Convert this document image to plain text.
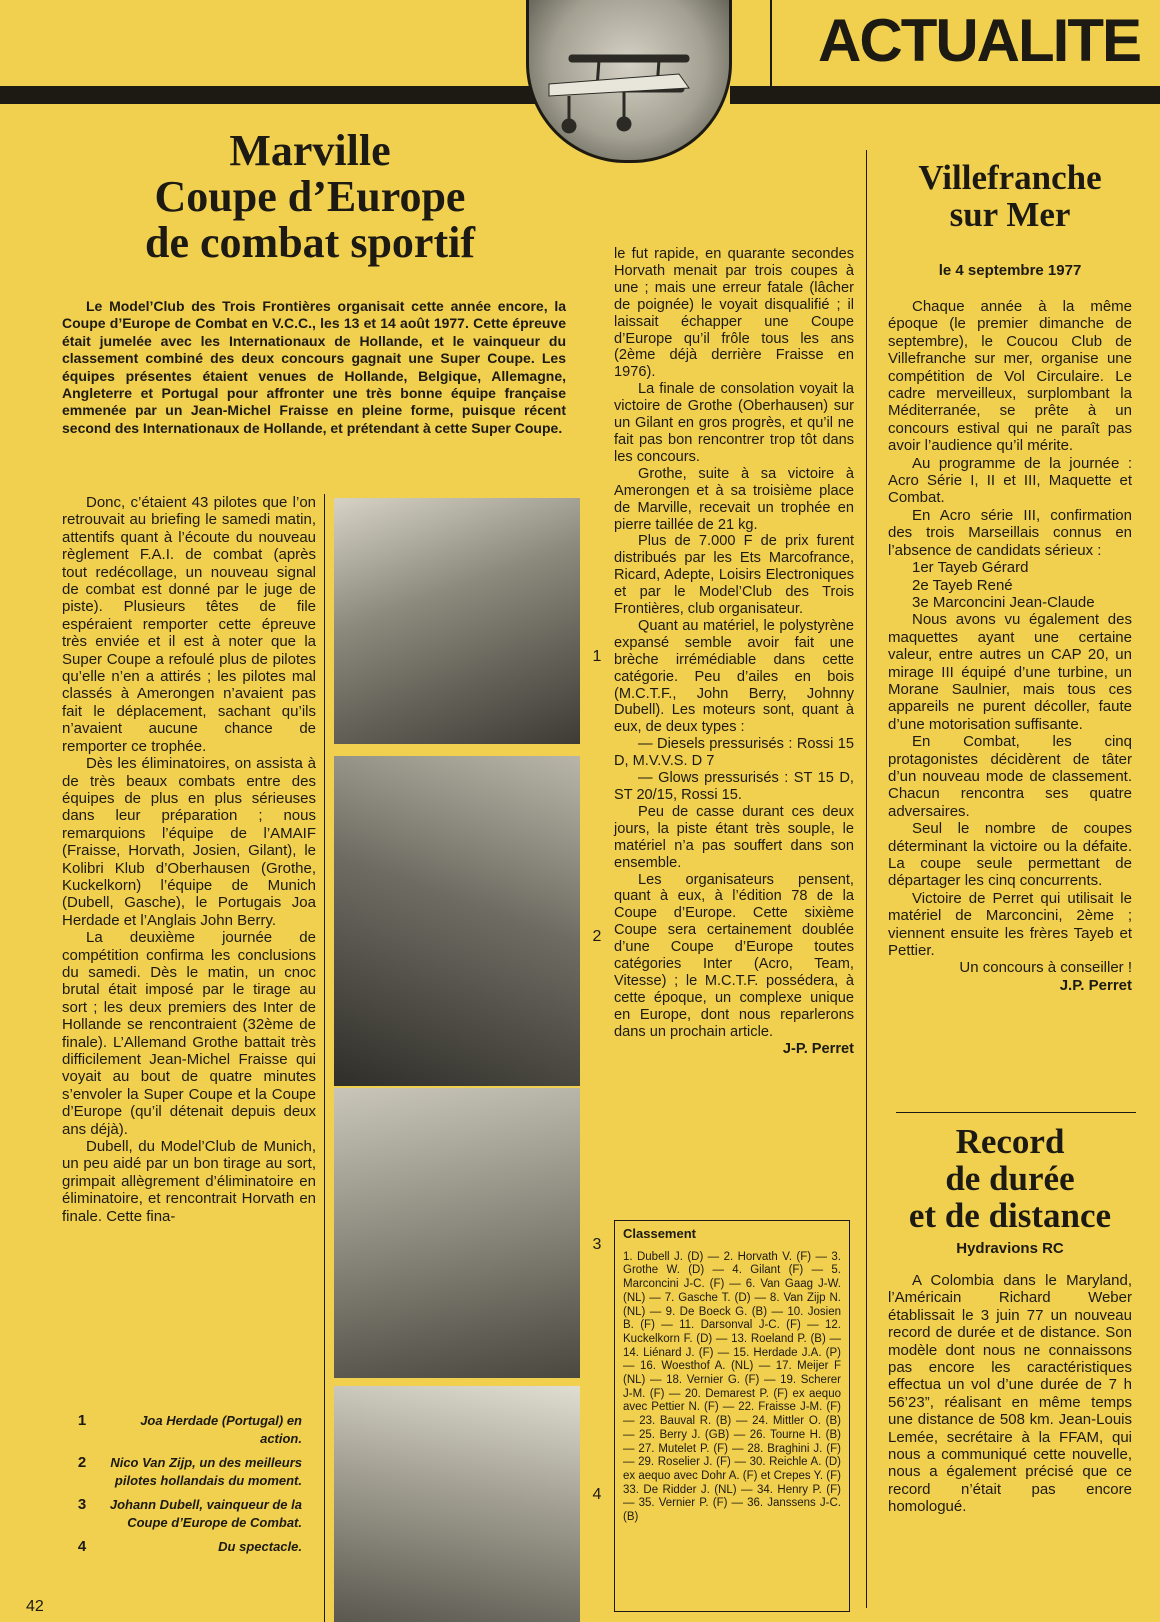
ACTUALITE
Marville
Coupe d’Europe
de combat sportif
Le Model’Club des Trois Frontières organisait cette année encore, la Coupe d’Europe de Combat en V.C.C., les 13 et 14 août 1977. Cette épreuve était jumelée avec les Internationaux de Hollande, et le vainqueur du classement combiné des deux concours gagnait une Super Coupe. Les équipes présentes étaient venues de Hollande, Belgique, Allemagne, Angleterre et Portugal pour affronter une très bonne équipe française emmenée par un Jean-Michel Fraisse en pleine forme, puisque récent second des Internationaux de Hollande, et prétendant à cette Super Coupe.

Donc, c’étaient 43 pilotes que l’on retrouvait au briefing le samedi matin, attentifs quant à l’écoute du nouveau règlement F.A.I. de combat (après tout redécollage, un nouveau signal de combat est donné par le juge de piste). Plusieurs têtes de file espéraient remporter cette épreuve très enviée et il est à noter que la Super Coupe a refoulé plus de pilotes qu’elle n’en a attirés ; les pilotes mal classés à Amerongen n’avaient pas fait le déplacement, sachant qu’ils n’avaient aucune chance de remporter ce trophée.

Dès les éliminatoires, on assista à de très beaux combats entre des équipes de plus en plus sérieuses dans leur préparation ; nous remarquions l’équipe de l’AMAIF (Fraisse, Horvath, Josien, Gilant), le Kolibri Klub d’Oberhausen (Grothe, Kuckelkorn) l’équipe de Munich (Dubell, Gasche), le Portugais Joa Herdade et l’Anglais John Berry.

La deuxième journée de compétition confirma les conclusions du samedi. Dès le matin, un cnoc brutal était imposé par le tirage au sort ; les deux premiers des Inter de Hollande se rencontraient (32ème de finale). L’Allemand Grothe battait très difficilement Jean-Michel Fraisse qui voyait au bout de quatre minutes s’envoler la Super Coupe et la Coupe d’Europe (qu’il détenait depuis deux ans déjà).

Dubell, du Model’Club de Munich, un peu aidé par un bon tirage au sort, grimpait allègrement d’éliminatoire en éliminatoire, et rencontrait Horvath en finale. Cette fina-

1
2
3
4
1	Joa Herdade (Portugal) en action.
2	Nico Van Zijp, un des meilleurs pilotes hollandais du moment.
3	Johann Dubell, vainqueur de la Coupe d’Europe de Combat.
4	Du spectacle.

le fut rapide, en quarante secondes Horvath menait par trois coupes à une ; mais une erreur fatale (lâcher de poignée) le voyait disqualifié ; il laissait échapper une Coupe d’Europe qu’il frôle tous les ans (2ème déjà derrière Fraisse en 1976).

La finale de consolation voyait la victoire de Grothe (Oberhausen) sur un Gilant en gros progrès, et qu’il ne fait pas bon rencontrer trop tôt dans les concours.

Grothe, suite à sa victoire à Amerongen et à sa troisième place de Marville, recevait un trophée en pierre taillée de 21 kg.

Plus de 7.000 F de prix furent distribués par les Ets Marcofrance, Ricard, Adepte, Loisirs Electroniques et par le Model’Club des Trois Frontières, club organisateur.

Quant au matériel, le polystyrène expansé semble avoir fait une brèche irrémédiable dans cette catégorie. Peu d’ailes en bois (M.C.T.F., John Berry, Johnny Dubell). Les moteurs sont, quant à eux, de deux types :

— Diesels pressurisés : Rossi 15 D, M.V.V.S. D 7

— Glows pressurisés : ST 15 D, ST 20/15, Rossi 15.

Peu de casse durant ces deux jours, la piste étant très souple, le matériel n’a pas souffert dans son ensemble.

Les organisateurs pensent, quant à eux, à l’édition 78 de la Coupe d’Europe. Cette sixième Coupe sera certainement doublée d’une Coupe d’Europe toutes catégories Inter (Acro, Team, Vitesse) ; le M.C.T.F. possédera, à cette époque, un complexe unique en Europe, dont nous reparlerons dans un prochain article.

J-P. Perret

Classement
1. Dubell J. (D) — 2. Horvath V. (F) — 3. Grothe W. (D) — 4. Gilant (F) — 5. Marconcini J-C. (F) — 6. Van Gaag J-W. (NL) — 7. Gasche T. (D) — 8. Van Zijp N. (NL) — 9. De Boeck G. (B) — 10. Josien B. (F) — 11. Darsonval J-C. (F) — 12. Kuckelkorn F. (D) — 13. Roeland P. (B) — 14. Liénard J. (F) — 15. Herdade J.A. (P) — 16. Woesthof A. (NL) — 17. Meijer F (NL) — 18. Vernier G. (F) — 19. Scherer J-M. (F) — 20. Demarest P. (F) ex aequo avec Pettier N. (F) — 22. Fraisse J-M. (F) — 23. Bauval R. (B) — 24. Mittler O. (B) — 25. Berry J. (GB) — 26. Tourne H. (B) — 27. Mutelet P. (F) — 28. Braghini J. (F) — 29. Roselier J. (F) — 30. Reichle A. (D) ex aequo avec Dohr A. (F) et Crepes Y. (F) 33. De Ridder J. (NL) — 34. Henry P. (F) — 35. Vernier P. (F) — 36. Janssens J-C. (B)
Villefranche
sur Mer
le 4 septembre 1977

Chaque année à la même époque (le premier dimanche de septembre), le Coucou Club de Villefranche sur mer, organise une compétition de Vol Circulaire. Le cadre merveilleux, surplombant la Méditerranée, se prête à un concours estival qui ne paraît pas avoir l’audience qu’il mérite.

Au programme de la journée : Acro Série I, II et III, Maquette et Combat.

En Acro série III, confirmation des trois Marseillais connus en l’absence de candidats sérieux :

1er Tayeb Gérard

2e Tayeb René

3e Marconcini Jean-Claude

Nous avons vu également des maquettes ayant une certaine valeur, entre autres un CAP 20, un mirage III équipé d’une turbine, un Morane Saulnier, mais tous ces appareils ne purent décoller, faute d’une motorisation suffisante.

En Combat, les cinq protagonistes décidèrent de tâter d’un nouveau mode de classement. Chacun rencontra ses quatre adversaires.

Seul le nombre de coupes déterminant la victoire ou la défaite. La coupe seule permettant de départager les cinq concurrents.

Victoire de Perret qui utilisait le matériel de Marconcini, 2ème ; viennent ensuite les frères Tayeb et Pettier.

Un concours à conseiller !

J.P. Perret

Record
de durée
et de distance
Hydravions RC

A Colombia dans le Maryland, l’Américain Richard Weber établissait le 3 juin 77 un nouveau record de durée et de distance. Son modèle dont nous ne connaissons pas encore les caractéristiques effectua un vol d’une durée de 7 h 56’23”, réalisant en même temps une distance de 508 km. Jean-Louis Lemée, secrétaire à la FFAM, qui nous a communiqué cette nouvelle, nous a également précisé que ce record n’était pas encore homologué.

42
